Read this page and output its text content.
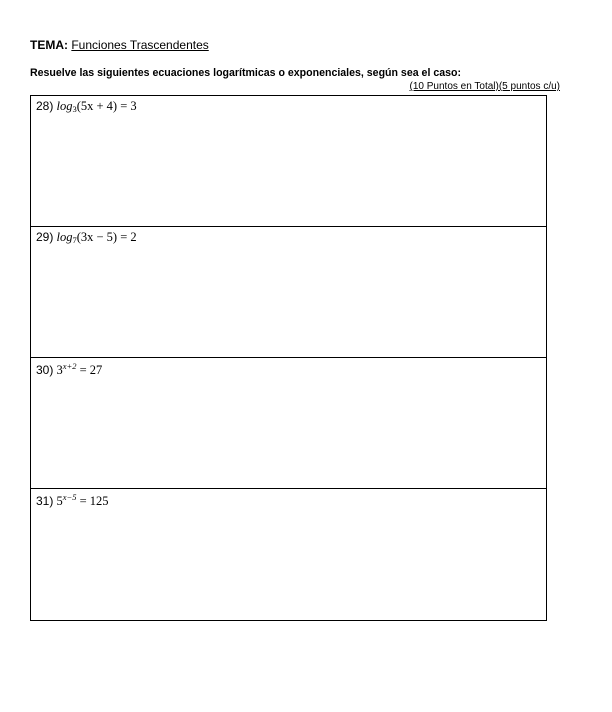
TEMA: Funciones Trascendentes
Resuelve las siguientes ecuaciones logarítmicas o exponenciales, según sea el caso:
(10 Puntos en Total)(5 puntos c/u)
28) $\log_3(5x + 4) = 3$
29) $\log_7(3x - 5) = 2$
30) $3^{x+2} = 27$
31) $5^{x-5} = 125$
